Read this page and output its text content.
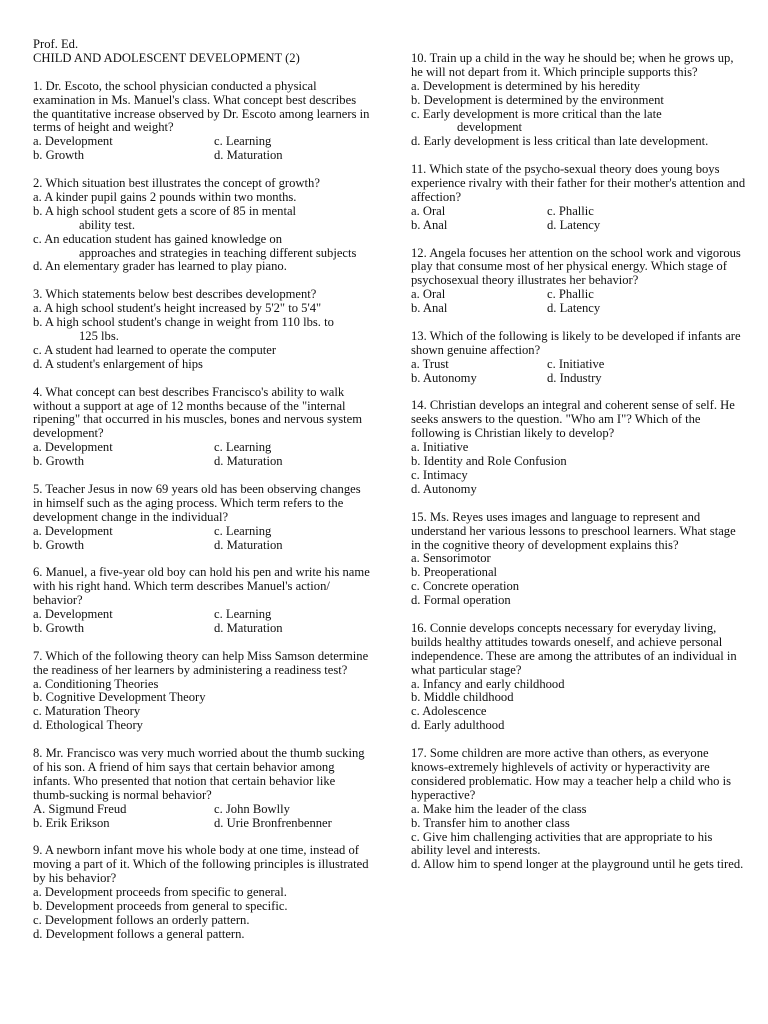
Prof. Ed.
CHILD AND ADOLESCENT DEVELOPMENT (2)
1. Dr. Escoto, the school physician conducted a physical examination in Ms. Manuel's class. What concept best describes the quantitative increase observed by Dr. Escoto among learners in terms of height and weight?
a. Development	c. Learning
b. Growth	d. Maturation
2. Which situation best illustrates the concept of growth?
a. A kinder pupil gains 2 pounds within two months.
b. A high school student gets a score of 85 in mental
ability test.
c. An education student has gained knowledge on
approaches and strategies in teaching different subjects
d. An elementary grader has learned to play piano.
3. Which statements below best describes development?
a. A high school student's height increased by 5'2" to 5'4"
b. A high school student's change in weight from 110 lbs. to
125 lbs.
c. A student had learned to operate the computer
d. A student's enlargement of hips
4. What concept can best describes Francisco's ability to walk without a support at age of 12 months because of the "internal ripening" that occurred in his muscles, bones and nervous system development?
a. Development	c. Learning
b. Growth	d. Maturation
5. Teacher Jesus in now 69 years old has been observing changes in himself such as the aging process. Which term refers to the development change in the individual?
a. Development	c. Learning
b. Growth	d. Maturation
6. Manuel, a five-year old boy can hold his pen and write his name with his right hand. Which term describes Manuel's action/ behavior?
a. Development	c. Learning
b. Growth	d. Maturation
7. Which of the following theory can help Miss Samson determine the readiness of her learners by administering a readiness test?
a. Conditioning Theories
b. Cognitive Development Theory
c. Maturation Theory
d. Ethological Theory
8. Mr. Francisco was very much worried about the thumb sucking of his son. A friend of him says that certain behavior among infants. Who presented that notion that certain behavior like thumb-sucking is normal behavior?
A. Sigmund Freud	c. John Bowlly
b. Erik Erikson	d. Urie Bronfrenbenner
9. A newborn infant move his whole body at one time, instead of moving a part of it. Which of the following principles is illustrated by his behavior?
a. Development proceeds from specific to general.
b. Development proceeds from general to specific.
c. Development follows an orderly pattern.
d. Development follows a general pattern.
10. Train up a child in the way he should be; when he grows up, he will not depart from it. Which principle supports this?
a. Development is determined by his heredity
b. Development is determined by the environment
c. Early development is more critical than the late
development
d. Early development is less critical than late development.
11. Which state of the psycho-sexual theory does young boys experience rivalry with their father for their mother's attention and affection?
a. Oral	c. Phallic
b. Anal	d. Latency
12. Angela focuses her attention on the school work and vigorous play that consume most of her physical energy. Which stage of psychosexual theory illustrates her behavior?
a. Oral	c. Phallic
b. Anal	d. Latency
13. Which of the following is likely to be developed if infants are shown genuine affection?
a. Trust	c. Initiative
b. Autonomy	d. Industry
14. Christian develops an integral and coherent sense of self. He seeks answers to the question. "Who am I"? Which of the following is Christian likely to develop?
a. Initiative
b. Identity and Role Confusion
c. Intimacy
d. Autonomy
15. Ms. Reyes uses images and language to represent and understand her various lessons to preschool learners. What stage in the cognitive theory of development explains this?
a. Sensorimotor
b. Preoperational
c. Concrete operation
d. Formal operation
16. Connie develops concepts necessary for everyday living, builds healthy attitudes towards oneself, and achieve personal independence. These are among the attributes of an individual in what particular stage?
a. Infancy and early childhood
b. Middle childhood
c. Adolescence
d. Early adulthood
17. Some children are more active than others, as everyone knows-extremely highlevels of activity or hyperactivity are considered problematic. How may a teacher help a child who is hyperactive?
a. Make him the leader of the class
b. Transfer him to another class
c. Give him challenging activities that are appropriate to his ability level and interests.
d. Allow him to spend longer at the playground until he gets tired.
